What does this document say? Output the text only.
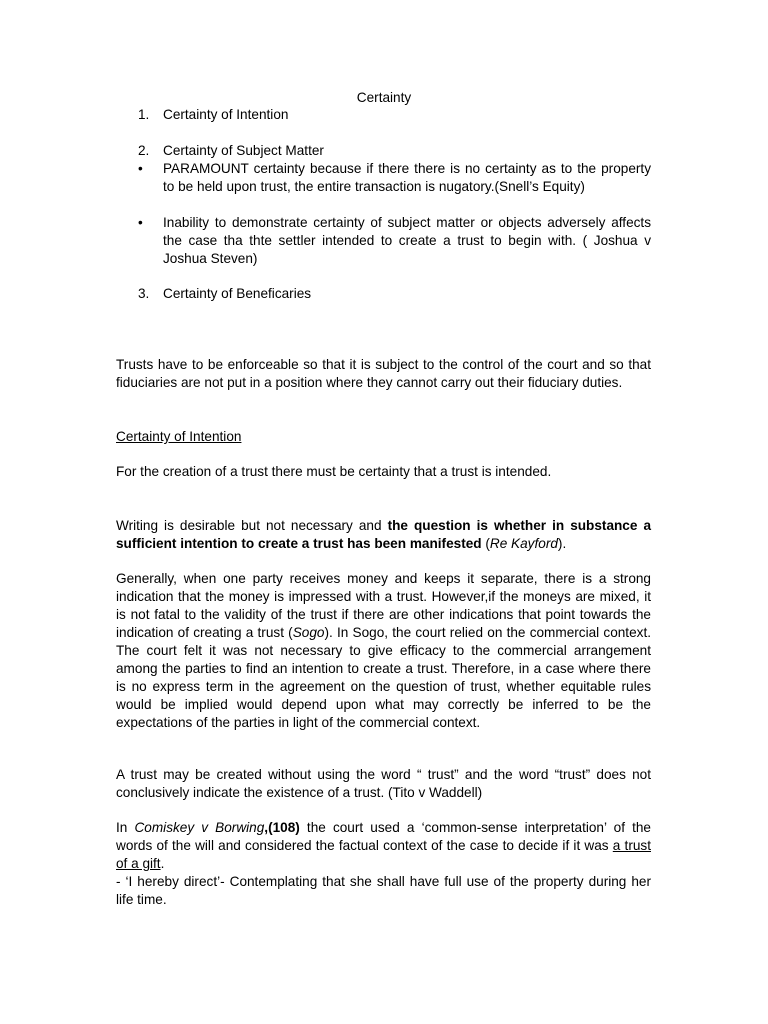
Certainty
1. Certainty of Intention
2. Certainty of Subject Matter
• PARAMOUNT certainty because if there there is no certainty as to the property to be held upon trust, the entire transaction is nugatory.(Snell’s Equity)
• Inability to demonstrate certainty of subject matter or objects adversely affects the case tha thte settler intended to create a trust to begin with. ( Joshua v Joshua Steven)
3. Certainty of Beneficaries

Trusts have to be enforceable so that it is subject to the control of the court and so that fiduciaries are not put in a position where they cannot carry out their fiduciary duties.

Certainty of Intention

For the creation of a trust there must be certainty that a trust is intended.

Writing is desirable but not necessary and the question is whether in substance a sufficient intention to create a trust has been manifested (Re Kayford).

Generally, when one party receives money and keeps it separate, there is a strong indication that the money is impressed with a trust. However,if the moneys are mixed, it is not fatal to the validity of the trust if there are other indications that point towards the indication of creating a trust (Sogo). In Sogo, the court relied on the commercial context. The court felt it was not necessary to give efficacy to the commercial arrangement among the parties to find an intention to create a trust. Therefore, in a case where there is no express term in the agreement on the question of trust, whether equitable rules would be implied would depend upon what may correctly be inferred to be the expectations of the parties in light of the commercial context.

A trust may be created without using the word “ trust” and the word “trust” does not conclusively indicate the existence of a trust. (Tito v Waddell)

In Comiskey v Borwing,(108) the court used a ‘common-sense interpretation’ of the words of the will and considered the factual context of the case to decide if it was a trust of a gift.

- ‘I hereby direct’- Contemplating that she shall have full use of the property during her life time.
